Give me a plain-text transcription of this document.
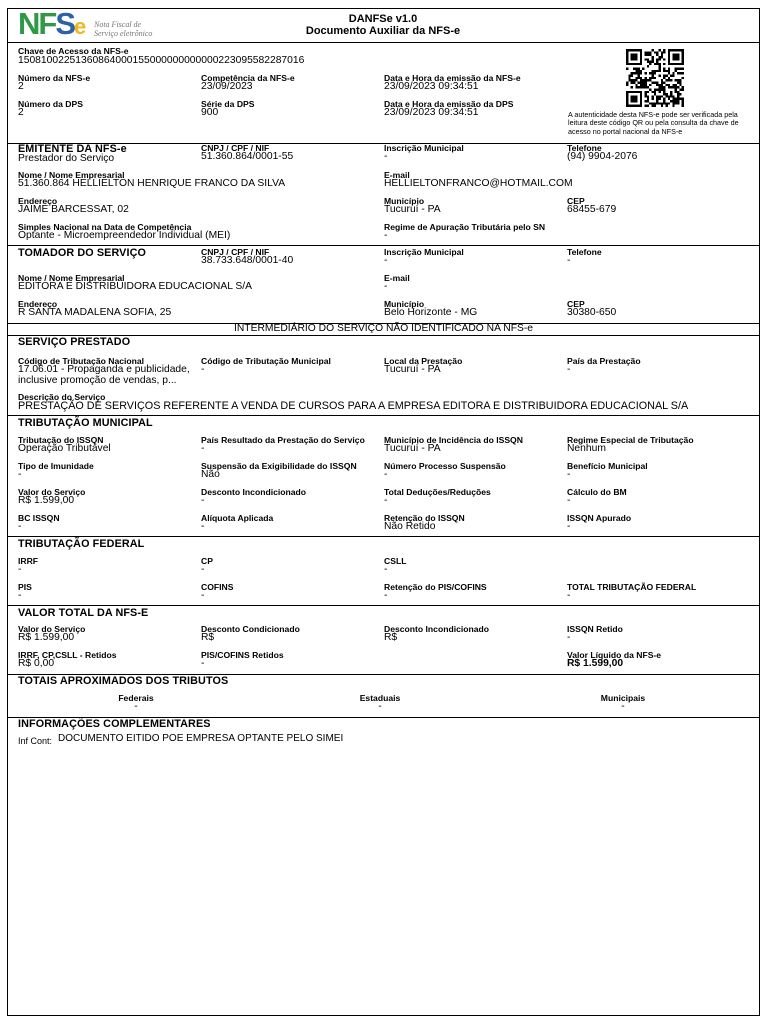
NFSe Nota Fiscal de
Serviço eletrônico
DANFSe v1.0
Documento Auxiliar da NFS-e
Chave de Acesso da NFS-e
15081002251360864000155000000000000223095582287016
Número da NFS-e
2
Competência da NFS-e
23/09/2023
Data e Hora da emissão da NFS-e
23/09/2023 09:34:51
Número da DPS
2
Série da DPS
900
Data e Hora da emissão da DPS
23/09/2023 09:34:51	A autenticidade desta NFS-e pode ser verificada pela leitura deste código QR ou pela consulta da chave de acesso no portal nacional da NFS-e
EMITENTE DA NFS-e
Prestador do Serviço
CNPJ / CPF / NIF
51.360.864/0001-55
Inscrição Municipal
-
Telefone
(94) 9904-2076
Nome / Nome Empresarial
51.360.864 HELLIELTON HENRIQUE FRANCO DA SILVA
E-mail
HELLIELTONFRANCO@HOTMAIL.COM
Endereço
JAIME BARCESSAT, 02
Município
Tucuruí - PA
CEP
68455-679
Simples Nacional na Data de Competência
Optante - Microempreendedor Individual (MEI)
Regime de Apuração Tributária pelo SN
-
TOMADOR DO SERVIÇO	CNPJ / CPF / NIF
38.733.648/0001-40
Inscrição Municipal
-
Telefone
-
Nome / Nome Empresarial
EDITORA E DISTRIBUIDORA EDUCACIONAL S/A
E-mail
-
Endereço
R SANTA MADALENA SOFIA, 25
Município
Belo Horizonte - MG
CEP
30380-650
INTERMEDIÁRIO DO SERVIÇO NÃO IDENTIFICADO NA NFS-e
SERVIÇO PRESTADO
Código de Tributação Nacional
17.06.01 - Propaganda e publicidade,
inclusive promoção de vendas, p...
Código de Tributação Municipal
-
Local da Prestação
Tucuruí - PA
País da Prestação
-
Descrição do Serviço
PRESTAÇÃO DE SERVIÇOS REFERENTE A VENDA DE CURSOS PARA A EMPRESA EDITORA E DISTRIBUIDORA EDUCACIONAL S/A
TRIBUTAÇÃO MUNICIPAL
Tributação do ISSQN
Operação Tributável
País Resultado da Prestação do Serviço
-
Município de Incidência do ISSQN
Tucuruí - PA
Regime Especial de Tributação
Nenhum
Tipo de Imunidade
-
Suspensão da Exigibilidade do ISSQN
Não
Número Processo Suspensão
-
Benefício Municipal
-
Valor do Serviço
R$ 1.599,00
Desconto Incondicionado
-
Total Deduções/Reduções
-
Cálculo do BM
-
BC ISSQN
-
Alíquota Aplicada
-
Retenção do ISSQN
Não Retido
ISSQN Apurado
-
TRIBUTAÇÃO FEDERAL
IRRF
-
CP
-
CSLL
-
PIS
-
COFINS
-
Retenção do PIS/COFINS
-
TOTAL TRIBUTAÇÃO FEDERAL
-
VALOR TOTAL DA NFS-E
Valor do Serviço
R$ 1.599,00
Desconto Condicionado
R$
Desconto Incondicionado
R$
ISSQN Retido
-
IRRF, CP,CSLL - Retidos
R$ 0,00
PIS/COFINS Retidos
-
Valor Líquido da NFS-e
R$ 1.599,00
TOTAIS APROXIMADOS DOS TRIBUTOS
Federais
-
Estaduais
-
Municipais
-
INFORMAÇÕES COMPLEMENTARES
Inf Cont: DOCUMENTO EITIDO POE EMPRESA OPTANTE PELO SIMEI
